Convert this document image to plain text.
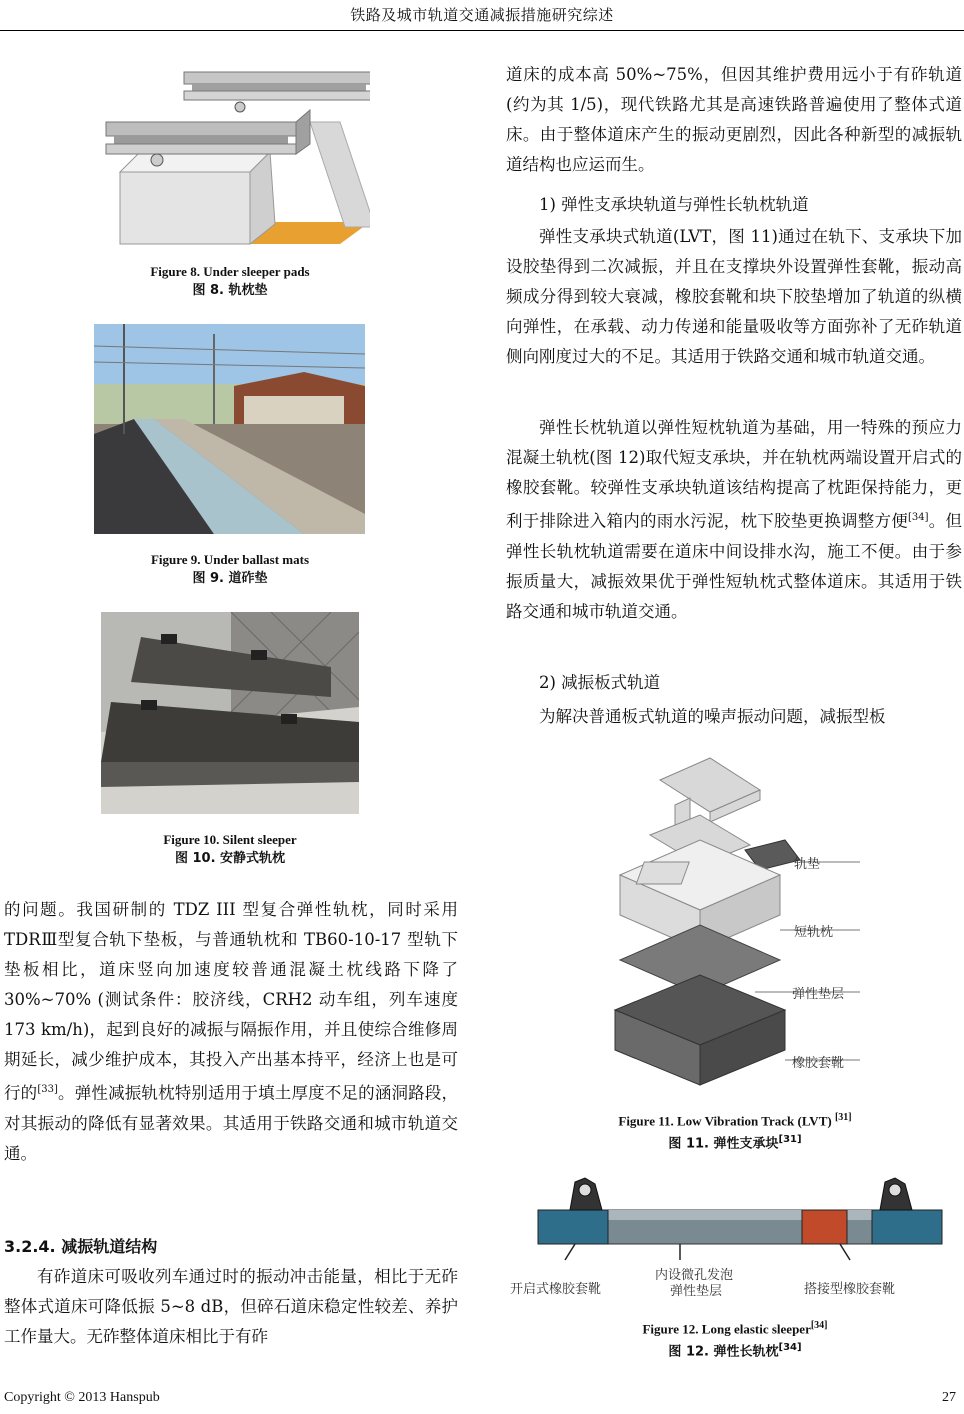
铁路及城市轨道交通减振措施研究综述
Figure 8. Under sleeper pads
图 8. 轨枕垫
Figure 9. Under ballast mats
图 9. 道砟垫
Figure 10. Silent sleeper
图 10. 安静式轨枕

的问题。我国研制的 TDZ III 型复合弹性轨枕，同时采用 TDRⅢ型复合轨下垫板，与普通轨枕和 TB60-10-17 型轨下垫板相比，道床竖向加速度较普通混凝土枕线路下降了 30%~70% (测试条件：胶济线，CRH2 动车组，列车速度 173 km/h)，起到良好的减振与隔振作用，并且使综合维修周期延长，减少维护成本，其投入产出基本持平，经济上也是可行的[33]。弹性减振轨枕特别适用于填土厚度不足的涵洞路段，对其振动的降低有显著效果。其适用于铁路交通和城市轨道交通。

3.2.4. 减振轨道结构

有砟道床可吸收列车通过时的振动冲击能量，相比于无砟整体式道床可降低振 5~8 dB，但碎石道床稳定性较差、养护工作量大。无砟整体道床相比于有砟

道床的成本高 50%~75%，但因其维护费用远小于有砟轨道(约为其 1/5)，现代铁路尤其是高速铁路普遍使用了整体式道床。由于整体道床产生的振动更剧烈，因此各种新型的减振轨道结构也应运而生。

1) 弹性支承块轨道与弹性长轨枕轨道

弹性支承块式轨道(LVT，图 11)通过在轨下、支承块下加设胶垫得到二次减振，并且在支撑块外设置弹性套靴，振动高频成分得到较大衰减，橡胶套靴和块下胶垫增加了轨道的纵横向弹性，在承载、动力传递和能量吸收等方面弥补了无砟轨道侧向刚度过大的不足。其适用于铁路交通和城市轨道交通。

弹性长枕轨道以弹性短枕轨道为基础，用一特殊的预应力混凝土轨枕(图 12)取代短支承块，并在轨枕两端设置开启式的橡胶套靴。较弹性支承块轨道该结构提高了枕距保持能力，更利于排除进入箱内的雨水污泥，枕下胶垫更换调整方便[34]。但弹性长轨枕轨道需要在道床中间设排水沟，施工不便。由于参振质量大，减振效果优于弹性短轨枕式整体道床。其适用于铁路交通和城市轨道交通。

2) 减振板式轨道

为解决普通板式轨道的噪声振动问题，减振型板

轨垫
短轨枕
弹性垫层
橡胶套靴
Figure 11. Low Vibration Track (LVT) [31]
图 11. 弹性支承块[31]
开启式橡胶套靴
内设微孔发泡
弹性垫层	搭接型橡胶套靴
Figure 12. Long elastic sleeper[34]
图 12. 弹性长轨枕[34]
Copyright © 2013 Hanspub	27
